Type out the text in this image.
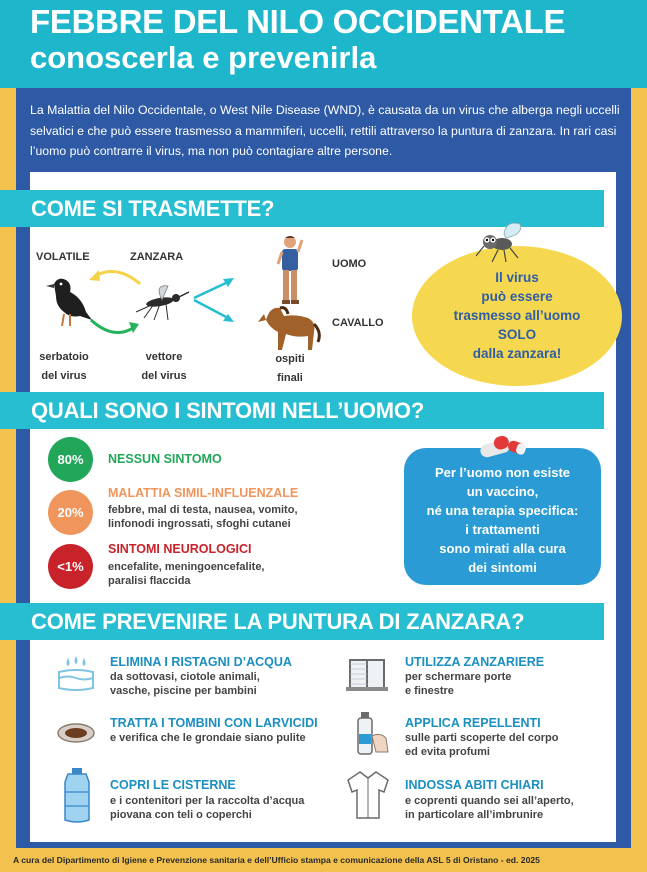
FEBBRE DEL NILO OCCIDENTALE
conoscerla e prevenirla
La Malattia del Nilo Occidentale, o West Nile Disease (WND), è causata da un virus che alberga negli uccelli selvatici e che può essere trasmesso a mammiferi, uccelli, rettili attraverso la puntura di zanzara. In rari casi l’uomo può contrarre il virus, ma non può contagiare altre persone.
COME SI TRASMETTE?
VOLATILE	ZANZARA
UOMO
CAVALLO
serbatoio
del virus
vettore
del virus
ospiti
finali
Il virus
può essere
trasmesso all’uomo
SOLO
dalla zanzara!
QUALI SONO I SINTOMI NELL’UOMO?
80%	NESSUN SINTOMO
20%
MALATTIA SIMIL-INFLUENZALE
febbre, mal di testa, nausea, vomito,
linfonodi ingrossati, sfoghi cutanei
<1%
SINTOMI NEUROLOGICI
encefalite, meningoencefalite,
paralisi flaccida
Per l’uomo non esiste
un vaccino,
né una terapia specifica:
i trattamenti
sono mirati alla cura
dei sintomi
COME PREVENIRE LA PUNTURA DI ZANZARA?
ELIMINA I RISTAGNI D’ACQUA
da sottovasi, ciotole animali,
vasche, piscine per bambini
UTILIZZA ZANZARIERE
per schermare porte
e finestre
TRATTA I TOMBINI CON LARVICIDI
e verifica che le grondaie siano pulite
APPLICA REPELLENTI
sulle parti scoperte del corpo
ed evita profumi
COPRI LE CISTERNE
e i contenitori per la raccolta d’acqua
piovana con teli o coperchi
INDOSSA ABITI CHIARI
e coprenti quando sei all’aperto,
in particolare all’imbrunire
A cura del Dipartimento di Igiene e Prevenzione sanitaria e dell’Ufficio stampa e comunicazione della ASL 5 di Oristano - ed. 2025
